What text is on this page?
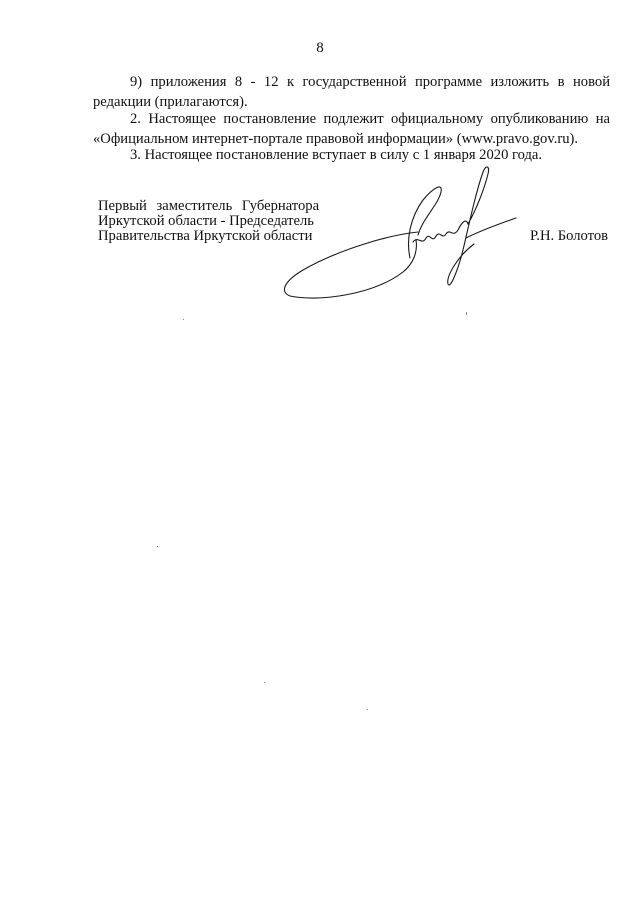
8

9) приложения 8 - 12 к государственной программе изложить в новой редакции (прилагаются).

2. Настоящее постановление подлежит официальному опубликованию на «Официальном интернет-портале правовой информации» (www.pravo.gov.ru).

3. Настоящее постановление вступает в силу с 1 января 2020 года.

Первый заместитель Губернатора
Иркутской области - Председатель
Правительства Иркутской области	Р.Н. Болотов
